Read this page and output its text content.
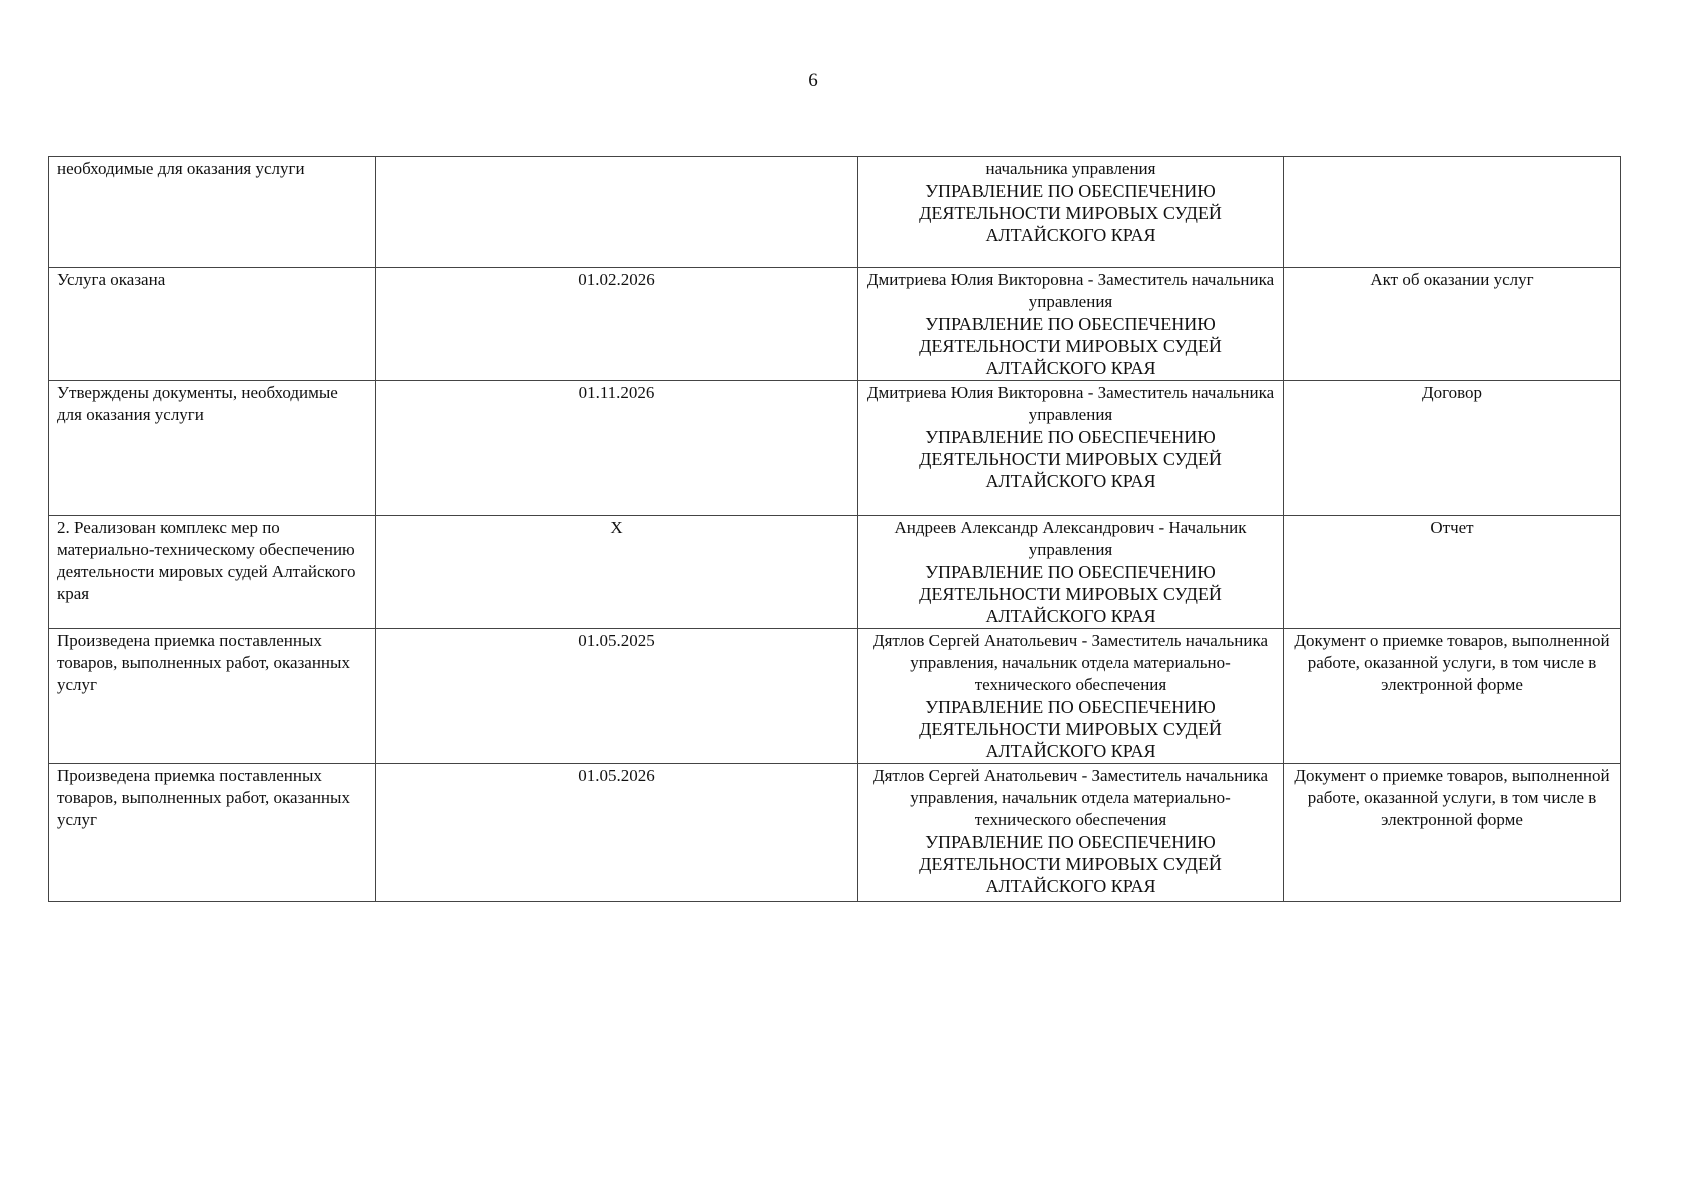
6
необходимые для оказания услуги		начальника управления
УПРАВЛЕНИЕ ПО ОБЕСПЕЧЕНИЮ ДЕЯТЕЛЬНОСТИ МИРОВЫХ СУДЕЙ АЛТАЙСКОГО КРАЯ	

Услуга оказана	01.02.2026	Дмитриева Юлия Викторовна - Заместитель начальника управления
УПРАВЛЕНИЕ ПО ОБЕСПЕЧЕНИЮ ДЕЯТЕЛЬНОСТИ МИРОВЫХ СУДЕЙ АЛТАЙСКОГО КРАЯ	Акт об оказании услуг
Утверждены документы, необходимые для оказания услуги	01.11.2026	Дмитриева Юлия Викторовна - Заместитель начальника управления
УПРАВЛЕНИЕ ПО ОБЕСПЕЧЕНИЮ ДЕЯТЕЛЬНОСТИ МИРОВЫХ СУДЕЙ АЛТАЙСКОГО КРАЯ	Договор
2. Реализован комплекс мер по материально-техническому обеспечению деятельности мировых судей Алтайского края	X	Андреев Александр Александрович - Начальник управления
УПРАВЛЕНИЕ ПО ОБЕСПЕЧЕНИЮ ДЕЯТЕЛЬНОСТИ МИРОВЫХ СУДЕЙ АЛТАЙСКОГО КРАЯ	Отчет
Произведена приемка поставленных товаров, выполненных работ, оказанных услуг	01.05.2025	Дятлов Сергей Анатольевич - Заместитель начальника управления, начальник отдела материально-технического обеспечения
УПРАВЛЕНИЕ ПО ОБЕСПЕЧЕНИЮ ДЕЯТЕЛЬНОСТИ МИРОВЫХ СУДЕЙ АЛТАЙСКОГО КРАЯ	Документ о приемке товаров, выполненной работе, оказанной услуги, в том числе в электронной форме
Произведена приемка поставленных товаров, выполненных работ, оказанных услуг	01.05.2026	Дятлов Сергей Анатольевич - Заместитель начальника управления, начальник отдела материально-технического обеспечения
УПРАВЛЕНИЕ ПО ОБЕСПЕЧЕНИЮ ДЕЯТЕЛЬНОСТИ МИРОВЫХ СУДЕЙ АЛТАЙСКОГО КРАЯ	Документ о приемке товаров, выполненной работе, оказанной услуги, в том числе в электронной форме
